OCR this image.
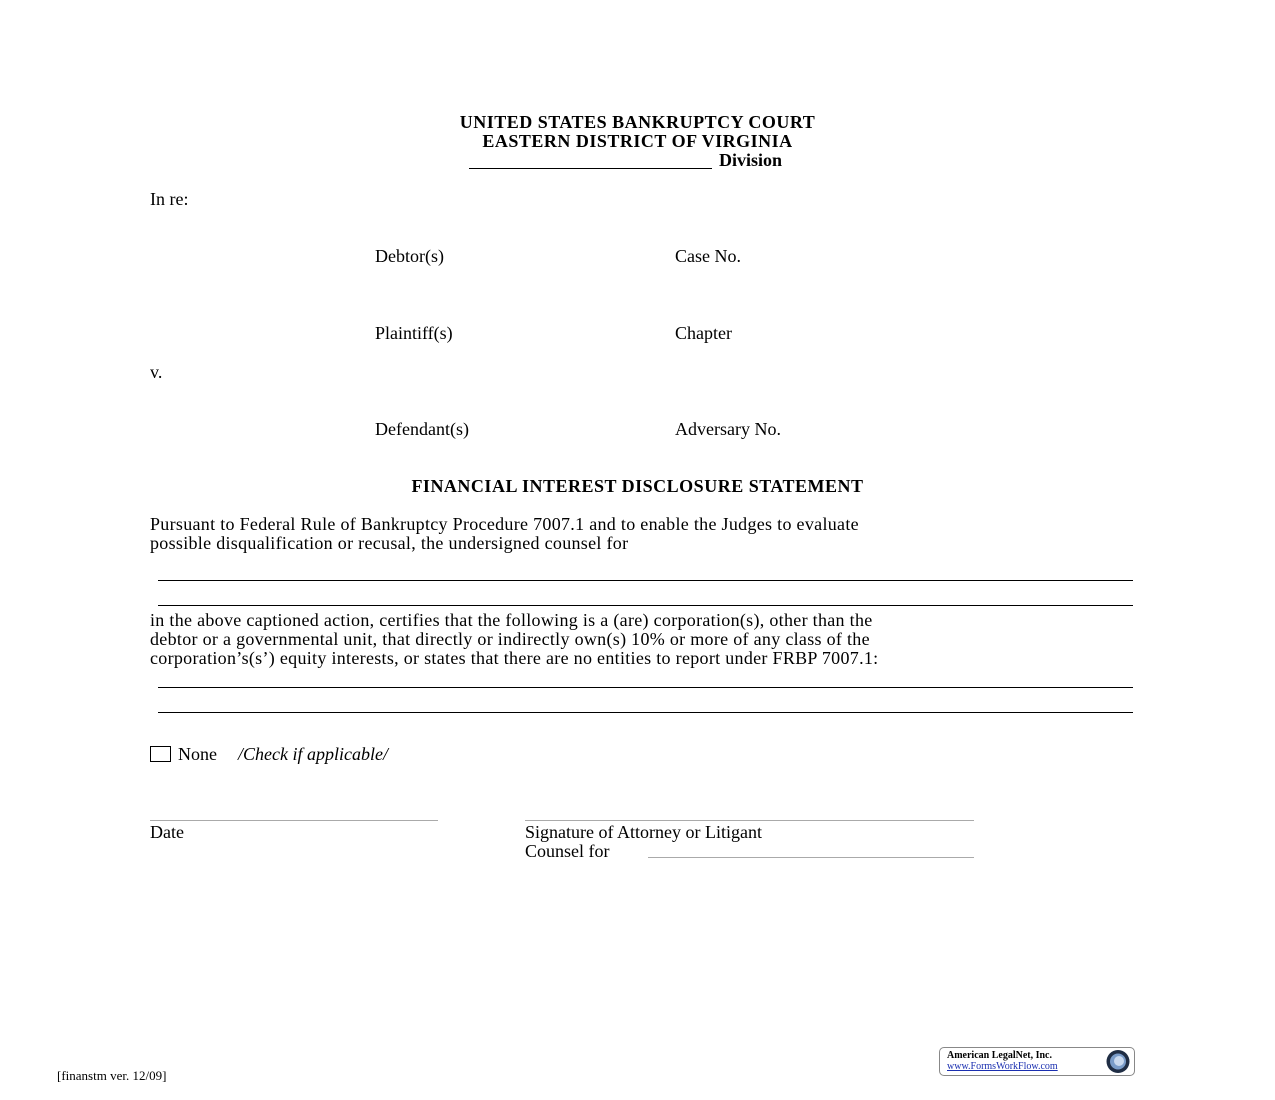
UNITED STATES BANKRUPTCY COURT
EASTERN DISTRICT OF VIRGINIA
Division
In re:
Debtor(s)	Case No.
Plaintiff(s)	Chapter
v.
Defendant(s)	Adversary No.
FINANCIAL INTEREST DISCLOSURE STATEMENT
Pursuant to Federal Rule of Bankruptcy Procedure 7007.1 and to enable the Judges to evaluate
possible disqualification or recusal, the undersigned counsel for
in the above captioned action, certifies that the following is a (are) corporation(s), other than the
debtor or a governmental unit, that directly or indirectly own(s) 10% or more of any class of the
corporation’s(s’) equity interests, or states that there are no entities to report under FRBP 7007.1:
None /Check if applicable/
Date	Signature of Attorney or Litigant
Counsel for
[finanstm ver. 12/09]
American LegalNet, Inc.
www.FormsWorkFlow.com
